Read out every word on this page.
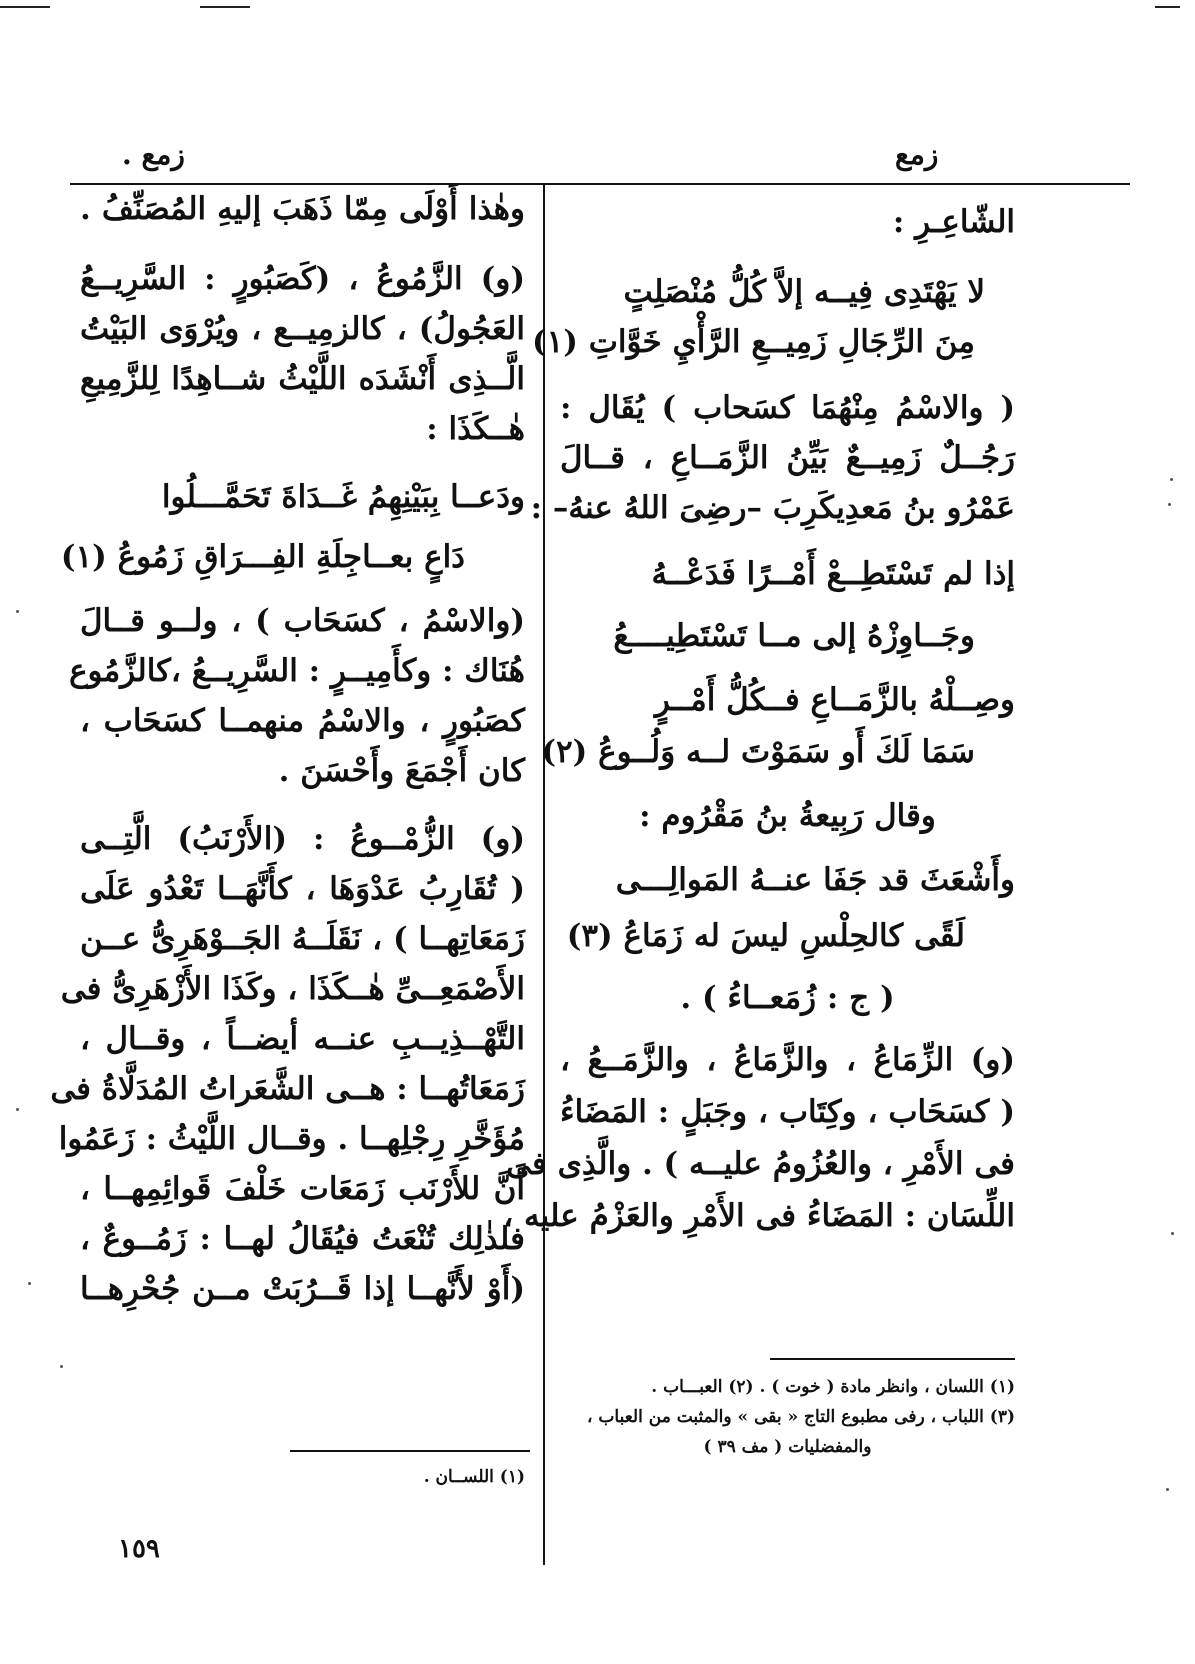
زمع
زمع .
الشّاعِـرِ :
لا يَهْتَدِى فِيــه إلاَّ كُلُّ مُنْصَلِتٍ
مِنَ الرِّجَالِ زَمِيــعِ الرَّأْيِ خَوَّاتِ (١)
( والاسْمُ مِنْهُمَا كسَحاب ) يُقَال :
رَجُــلٌ زَمِيــعٌ بَيِّنُ الزَّمَــاعِ ، قــالَ
عَمْرُو بنُ مَعدِيكَرِبَ –رضِىَ اللهُ عنهُ– :
إذا لم تَسْتَطِــعْ أَمْــرًا فَدَعْــهُ
وجَــاوِزْهُ إلى مــا تَسْتَطِيــــعُ
وصِــلْهُ بالزَّمَــاعِ فــكُلُّ أَمْــرٍ
سَمَا لَكَ أَو سَمَوْتَ لــه وَلُــوعُ (٢)
وقال رَبِيعةُ بنُ مَقْرُوم :
وأَشْعَثَ قد جَفَا عنــهُ المَوالِـــى
لَقًى كالحِلْسِ ليسَ له زَمَاعُ (٣)
( ج : زُمَعــاءُ ) .
(و) الزِّمَاعُ ، والزَّمَاعُ ، والزَّمَــعُ ،
( كسَحَاب ، وكِتَاب ، وجَبَلٍ : المَضَاءُ
فى الأَمْرِ ، والعُزُومُ عليــه ) . والَّذِى فى
اللِّسَان : المَضَاءُ فى الأَمْرِ والعَزْمُ عليه ،
وهٰذا أَوْلَى مِمّا ذَهَبَ إليهِ المُصَنِّفُ .
(و) الزَّمُوعُ ، (كَصَبُورٍ : السَّرِيــعُ
العَجُولُ) ، كالزمِيــع ، ويُرْوَى البَيْتُ
الَّــذِى أَنْشَدَه اللَّيْثُ شــاهِدًا لِلزَّمِيعِ
هٰــكَذَا :
ودَعــا بِبَيْنِهِمُ غَــدَاةَ تَحَمَّـــلُوا
دَاعٍ بعــاجِلَةِ الفِـــرَاقِ زَمُوعُ (١)
(والاسْمُ ، كسَحَاب ) ، ولــو قــالَ
هُنَاك : وكأَمِيــرٍ : السَّرِيــعُ ،كالزَّمُوع
كصَبُورٍ ، والاسْمُ منهمــا كسَحَاب ،
كان أَجْمَعَ وأَحْسَنَ .
(و) الزُّمْــوعُ : (الأَرْنَبُ) الَّتِــى
( تُقَارِبُ عَدْوَهَا ، كأَنَّهَــا تَعْدُو عَلَى
زَمَعَاتِهــا ) ، نَقَلَــهُ الجَــوْهَرِىُّ عــن
الأَصْمَعِــىِّ هٰــكَذَا ، وكَذَا الأَزْهَرِىُّ فى
التَّهْــذِيــبِ عنــه أيضــاً ، وقــال ،
زَمَعَاتُهــا : هــى الشَّعَراتُ المُدَلَّاةُ فى
مُؤَخَّرِ رِجْلِهــا . وقــال اللَّيْثُ : زَعَمُوا
أَنَّ للأَرْنَب زَمَعَات خَلْفَ قَوائِمِهــا ،
فلذٰلِك تُنْعَتُ فيُقَالُ لهــا : زَمُــوعٌ ،
(أَوْ لأَنَّهــا إذا قَــرُبَتْ مــن جُحْرِهــا
(١) اللسان ، وانظر مادة ( خوت ) . (٢) العبـــاب .
(٣) اللباب ، رفى مطبوع التاج « بقى » والمثبت من العباب ،
والمفضليات ( مف ٣٩ )
(١) اللســان .
١٥٩
